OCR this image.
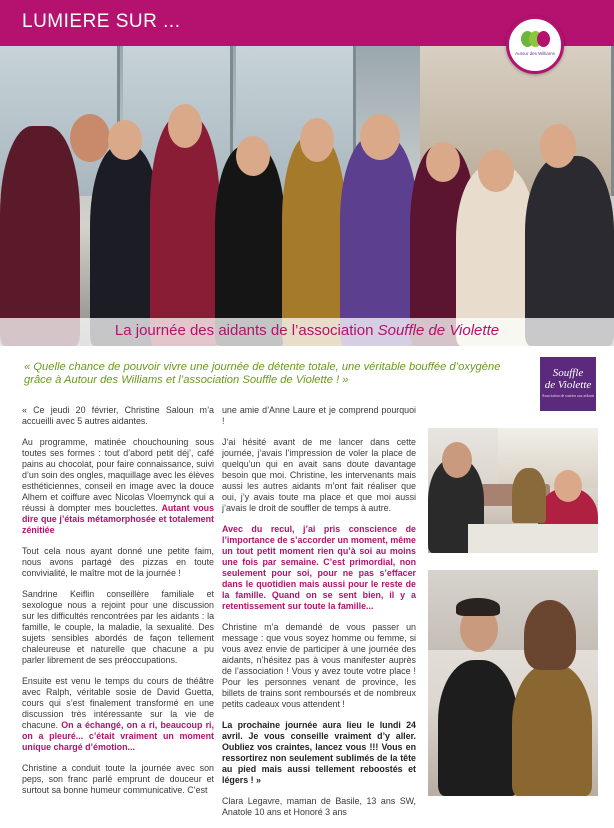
LUMIERE SUR ...
Autour des Williams
La journée des aidants de l’association Souffle de Violette
« Quelle chance de pouvoir vivre une journée de détente totale, une véritable bouffée d’oxygène grâce à Autour des Williams et l’association Souffle de Violette ! »
Souffle
de Violette
Association de soutien aux aidants

« Ce jeudi 20 février, Christine Saloun m’a accueilli avec 5 autres aidantes.

Au programme, matinée chouchouning sous toutes ses formes : tout d’abord petit déj’, café pains au chocolat, pour faire connaissance, suivi d’un soin des ongles, maquillage avec les élèves esthéticiennes, conseil en image avec la douce Alhem et coiffure avec Nicolas Vloemynck qui a réussi à dompter mes bouclettes. Autant vous dire que j’étais métamorphosée et totalement zénitiée

Tout cela nous ayant donné une petite faim, nous avons partagé des pizzas en toute convivialité, le maître mot de la journée !

Sandrine Keiflin conseillère familiale et sexologue nous a rejoint pour une discussion sur les difficultés rencontrées par les aidants : la famille, le couple, la maladie, la sexualité. Des sujets sensibles abordés de façon tellement chaleureuse et naturelle que chacune a pu parler librement de ses préoccupations.

Ensuite est venu le temps du cours de théâtre avec Ralph, véritable sosie de David Guetta, cours qui s’est finalement transformé en une discussion très intéressante sur la vie de chacune. On a échangé, on a ri, beaucoup ri, on a pleuré... c’était vraiment un moment unique chargé d’émotion...

Christine a conduit toute la journée avec son peps, son franc parlé emprunt de douceur et surtout sa bonne humeur communicative. C’est

une amie d’Anne Laure et je comprend pourquoi !

J’ai hésité avant de me lancer dans cette journée, j’avais l’impression de voler la place de quelqu’un qui en avait sans doute davantage besoin que moi. Christine, les intervenants mais aussi les autres aidants m’ont fait réaliser que oui, j’y avais toute ma place et que moi aussi j’avais le droit de souffler de temps à autre.

Avec du recul, j’ai pris conscience de l’importance de s’accorder un moment, même un tout petit moment rien qu’à soi au moins une fois par semaine. C’est primordial, non seulement pour soi, pour ne pas s’effacer dans le quotidien mais aussi pour le reste de la famille. Quand on se sent bien, il y a retentissement sur toute la famille...

Christine m’a demandé de vous passer un message : que vous soyez homme ou femme, si vous avez envie de participer à une journée des aidants, n’hésitez pas à vous manifester auprès de l’association ! Vous y avez toute votre place ! Pour les personnes venant de province, les billets de trains sont remboursés et de nombreux petits cadeaux vous attendent !

La prochaine journée aura lieu le lundi 24 avril. Je vous conseille vraiment d’y aller. Oubliez vos craintes, lancez vous !!! Vous en ressortirez non seulement sublimés de la tête au pied mais aussi tellement reboostés et légers ! »

Clara Legavre, maman de Basile, 13 ans SW, Anatole 10 ans et Honoré 3 ans
